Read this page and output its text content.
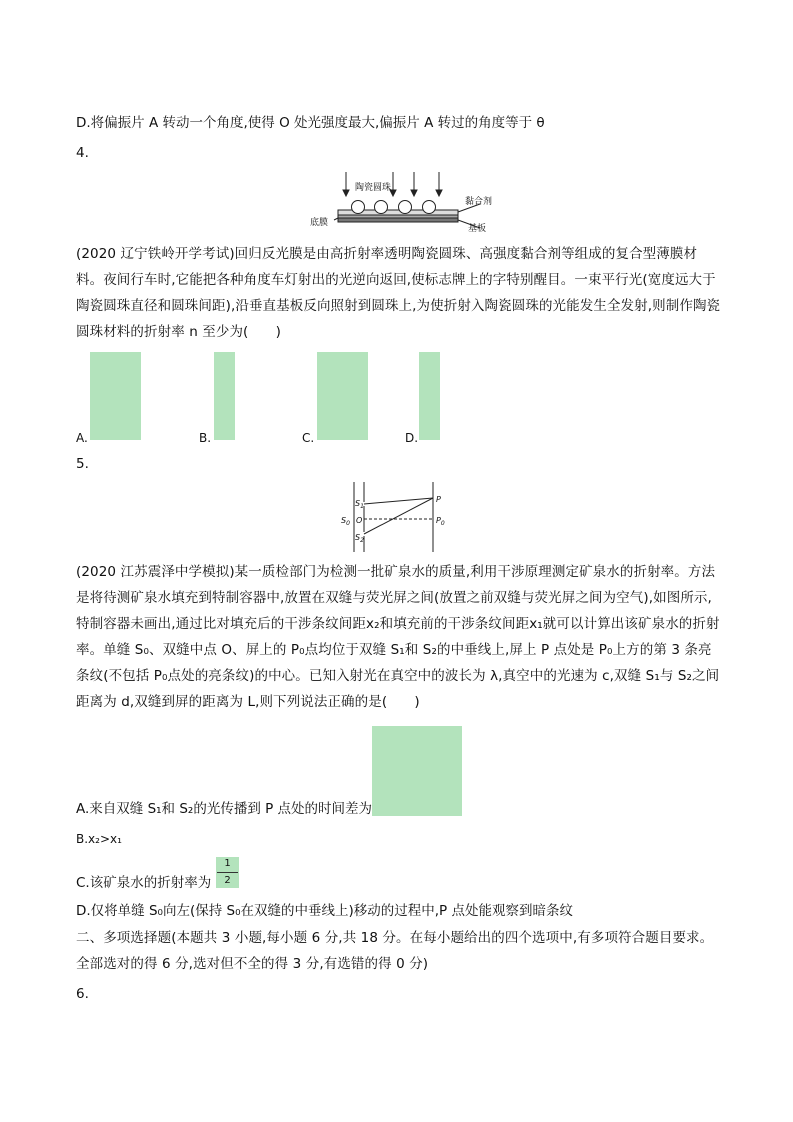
D.将偏振片 A 转动一个角度,使得 O 处光强度最大,偏振片 A 转过的角度等于 θ
4.
陶瓷圆珠
黏合剂
底膜
基板
(2020 辽宁铁岭开学考试)回归反光膜是由高折射率透明陶瓷圆珠、高强度黏合剂等组成的复合型薄膜材料。夜间行车时,它能把各种角度车灯射出的光逆向返回,使标志牌上的字特别醒目。一束平行光(宽度远大于陶瓷圆珠直径和圆珠间距),沿垂直基板反向照射到圆珠上,为使折射入陶瓷圆珠的光能发生全发射,则制作陶瓷圆珠材料的折射率 n 至少为(　　)
A.	B.	C.	D.
5.
$S_1$
$S_0$ O
$S_2$
P
$P_0$
(2020 江苏震泽中学模拟)某一质检部门为检测一批矿泉水的质量,利用干涉原理测定矿泉水的折射率。方法是将待测矿泉水填充到特制容器中,放置在双缝与荧光屏之间(放置之前双缝与荧光屏之间为空气),如图所示,特制容器未画出,通过比对填充后的干涉条纹间距x₂和填充前的干涉条纹间距x₁就可以计算出该矿泉水的折射率。单缝 S₀、双缝中点 O、屏上的 P₀点均位于双缝 S₁和 S₂的中垂线上,屏上 P 点处是 P₀上方的第 3 条亮条纹(不包括 P₀点处的亮条纹)的中心。已知入射光在真空中的波长为 λ,真空中的光速为 c,双缝 S₁与 S₂之间距离为 d,双缝到屏的距离为 L,则下列说法正确的是(　　)
A.来自双缝 S₁和 S₂的光传播到 P 点处的时间差为
B.x₂>x₁
C.该矿泉水的折射率为
1
2
D.仅将单缝 S₀向左(保持 S₀在双缝的中垂线上)移动的过程中,P 点处能观察到暗条纹
二、多项选择题(本题共 3 小题,每小题 6 分,共 18 分。在每小题给出的四个选项中,有多项符合题目要求。全部选对的得 6 分,选对但不全的得 3 分,有选错的得 0 分)
6.
